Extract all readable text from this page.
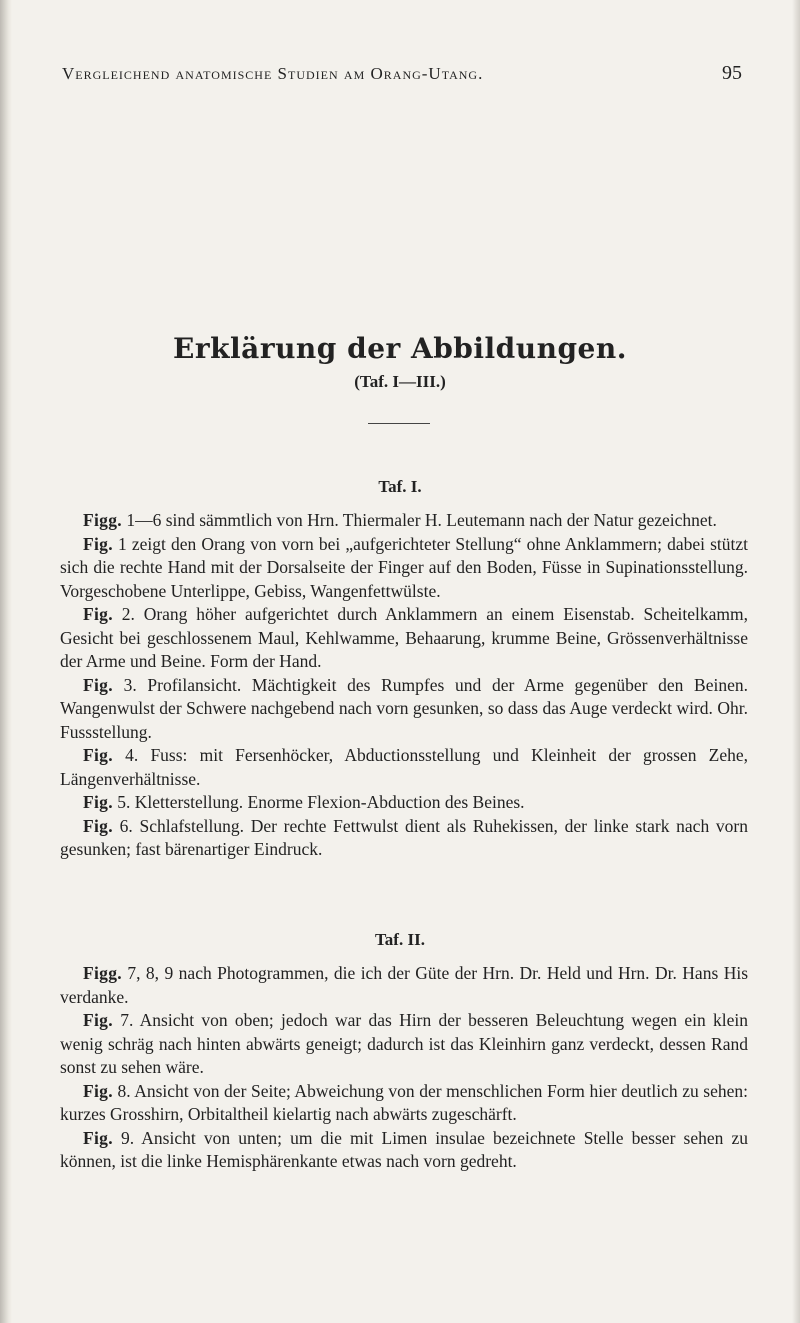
Vergleichend anatomische Studien am Orang-Utang.	95
Erklärung der Abbildungen.
(Taf. I—III.)
Taf. I.

Figg. 1—6 sind sämmtlich von Hrn. Thiermaler H. Leutemann nach der Natur gezeichnet.

Fig. 1 zeigt den Orang von vorn bei „aufgerichteter Stellung“ ohne Anklammern; dabei stützt sich die rechte Hand mit der Dorsalseite der Finger auf den Boden, Füsse in Supinationsstellung. Vorgeschobene Unterlippe, Gebiss, Wangenfettwülste.

Fig. 2. Orang höher aufgerichtet durch Anklammern an einem Eisenstab. Scheitelkamm, Gesicht bei geschlossenem Maul, Kehlwamme, Behaarung, krumme Beine, Grössenverhältnisse der Arme und Beine. Form der Hand.

Fig. 3. Profilansicht. Mächtigkeit des Rumpfes und der Arme gegenüber den Beinen. Wangenwulst der Schwere nachgebend nach vorn gesunken, so dass das Auge verdeckt wird. Ohr. Fussstellung.

Fig. 4. Fuss: mit Fersenhöcker, Abductionsstellung und Kleinheit der grossen Zehe, Längenverhältnisse.

Fig. 5. Kletterstellung. Enorme Flexion-Abduction des Beines.

Fig. 6. Schlafstellung. Der rechte Fettwulst dient als Ruhekissen, der linke stark nach vorn gesunken; fast bärenartiger Eindruck.

Taf. II.

Figg. 7, 8, 9 nach Photogrammen, die ich der Güte der Hrn. Dr. Held und Hrn. Dr. Hans His verdanke.

Fig. 7. Ansicht von oben; jedoch war das Hirn der besseren Beleuchtung wegen ein klein wenig schräg nach hinten abwärts geneigt; dadurch ist das Kleinhirn ganz verdeckt, dessen Rand sonst zu sehen wäre.

Fig. 8. Ansicht von der Seite; Abweichung von der menschlichen Form hier deutlich zu sehen: kurzes Grosshirn, Orbitaltheil kielartig nach abwärts zugeschärft.

Fig. 9. Ansicht von unten; um die mit Limen insulae bezeichnete Stelle besser sehen zu können, ist die linke Hemisphärenkante etwas nach vorn gedreht.
